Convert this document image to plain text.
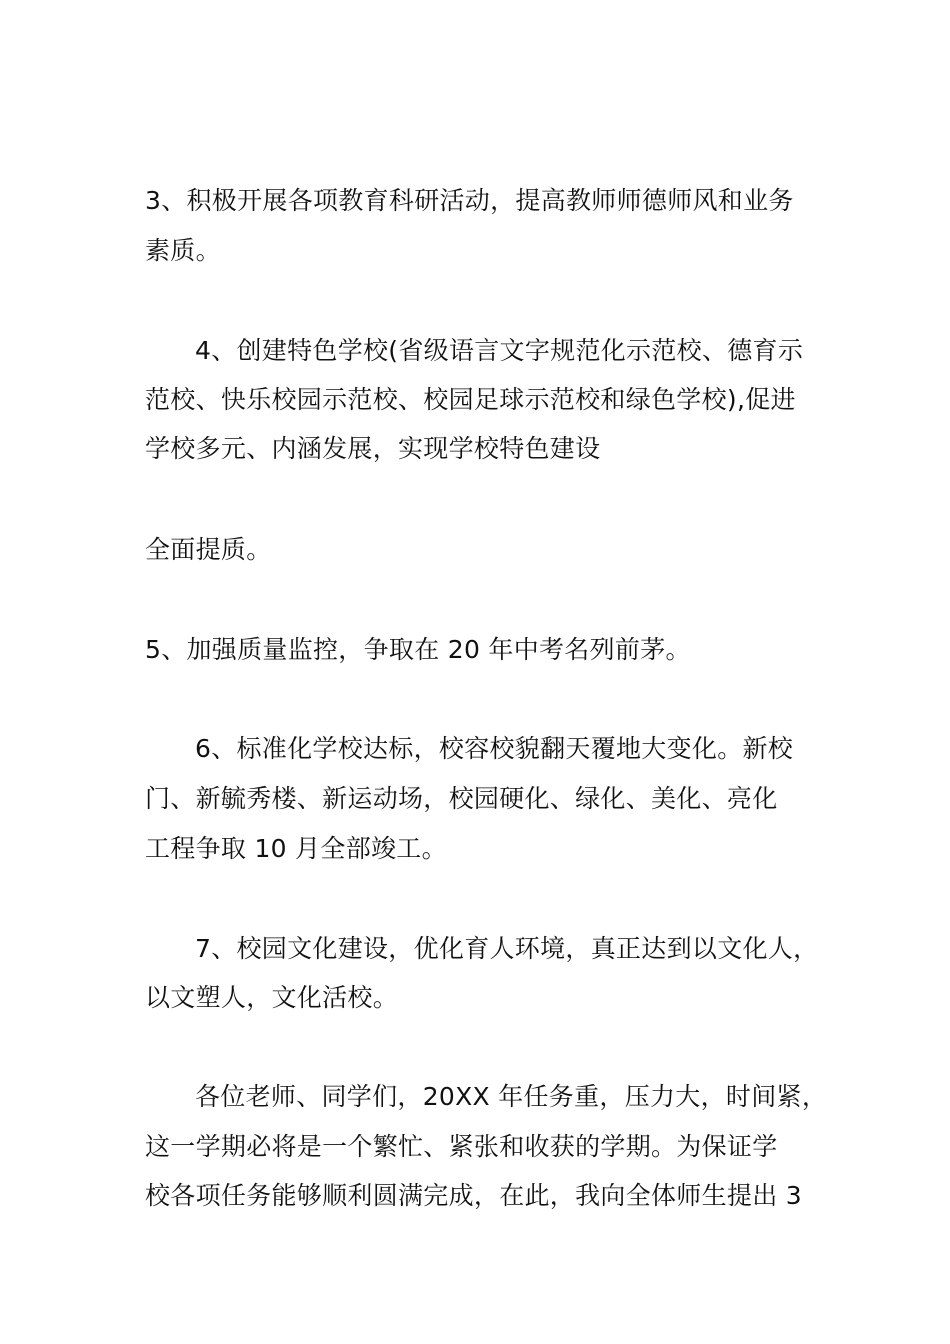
3、积极开展各项教育科研活动，提高教师师德师风和业务
素质。
4、创建特色学校(省级语言文字规范化示范校、德育示
范校、快乐校园示范校、校园足球示范校和绿色学校),促进
学校多元、内涵发展，实现学校特色建设
全面提质。
5、加强质量监控，争取在 20 年中考名列前茅。
6、标准化学校达标，校容校貌翻天覆地大变化。新校
门、新毓秀楼、新运动场，校园硬化、绿化、美化、亮化
工程争取 10 月全部竣工。
7、校园文化建设，优化育人环境，真正达到以文化人，
以文塑人，文化活校。
各位老师、同学们，20XX 年任务重，压力大，时间紧，
这一学期必将是一个繁忙、紧张和收获的学期。为保证学
校各项任务能够顺利圆满完成，在此，我向全体师生提出 3
